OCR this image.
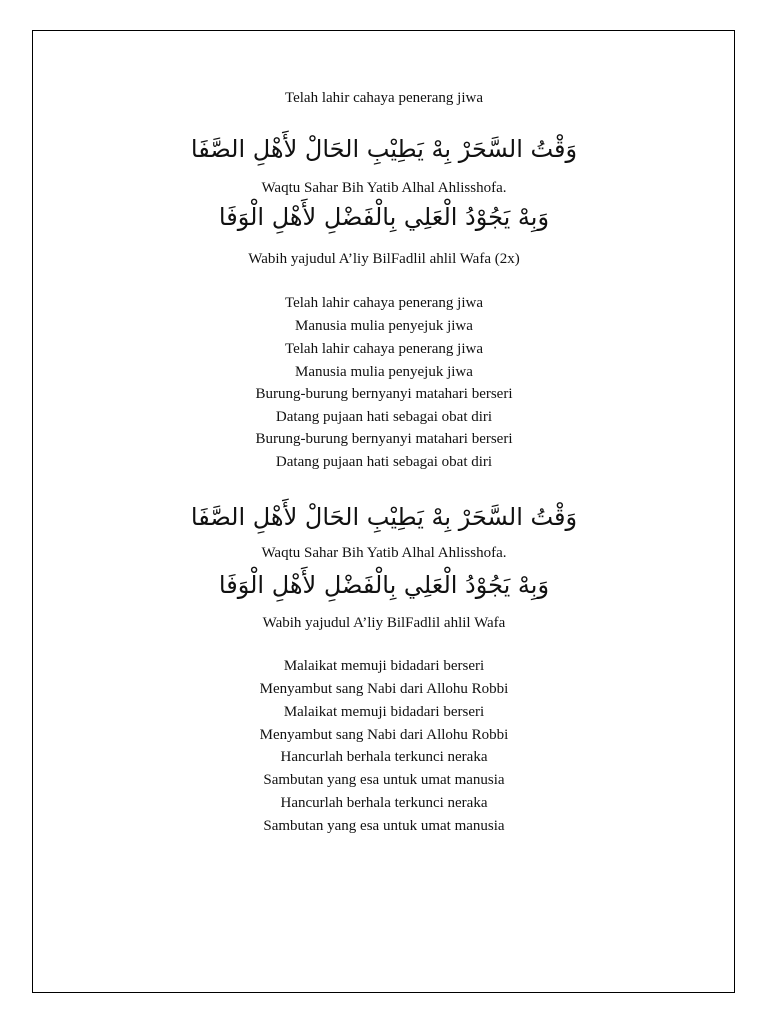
Telah lahir cahaya penerang jiwa
وَقْتُ السَّحَرْ بِهْ يَطِيْبِ الحَالْ لأَهْلِ الصَّفَا
Waqtu Sahar Bih Yatib Alhal Ahlisshofa.
وَبِهْ يَجُوْدُ الْعَلِي بِالْفَضْلِ لأَهْلِ الْوَفَا
Wabih yajudul A’liy BilFadlil ahlil Wafa (2x)
Telah lahir cahaya penerang jiwa
Manusia mulia penyejuk jiwa
Telah lahir cahaya penerang jiwa
Manusia mulia penyejuk jiwa
Burung-burung bernyanyi matahari berseri
Datang pujaan hati sebagai obat diri
Burung-burung bernyanyi matahari berseri
Datang pujaan hati sebagai obat diri
وَقْتُ السَّحَرْ بِهْ يَطِيْبِ الحَالْ لأَهْلِ الصَّفَا
Waqtu Sahar Bih Yatib Alhal Ahlisshofa.
وَبِهْ يَجُوْدُ الْعَلِي بِالْفَضْلِ لأَهْلِ الْوَفَا
Wabih yajudul A’liy BilFadlil ahlil Wafa
Malaikat memuji bidadari berseri
Menyambut sang Nabi dari Allohu Robbi
Malaikat memuji bidadari berseri
Menyambut sang Nabi dari Allohu Robbi
Hancurlah berhala terkunci neraka
Sambutan yang esa untuk umat manusia
Hancurlah berhala terkunci neraka
Sambutan yang esa untuk umat manusia
